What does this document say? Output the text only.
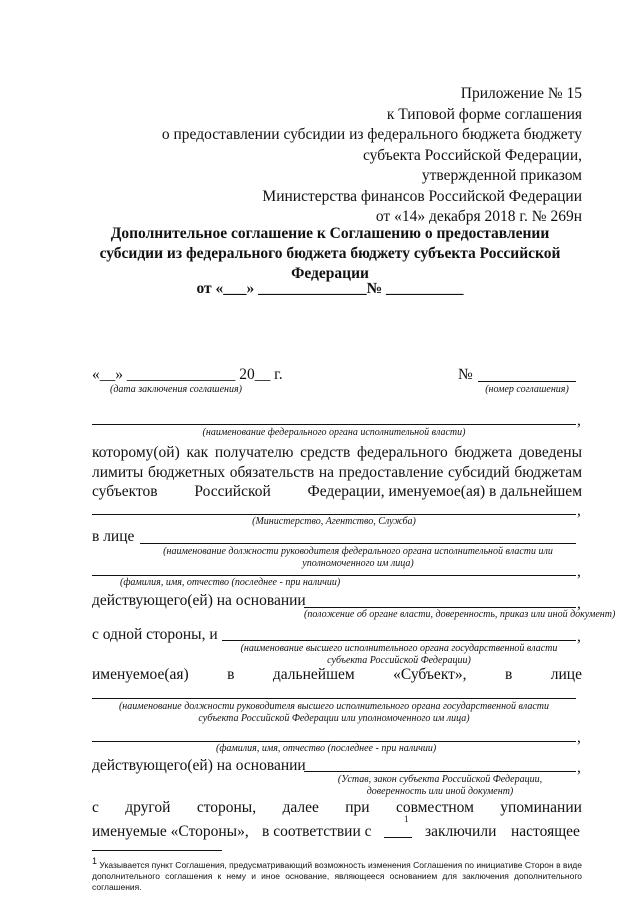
Приложение № 15
к Типовой форме соглашения
о предоставлении субсидии из федерального бюджета бюджету
субъекта Российской Федерации,
утвержденной приказом
Министерства финансов Российской Федерации
от «14» декабря 2018 г. № 269н
Дополнительное соглашение к Соглашению о предоставлении
субсидии из федерального бюджета бюджету субъекта Российской
Федерации
от «___» ______________№ __________
«__» ______________ 20__ г.
(дата заключения соглашения)
№
(номер соглашения)
,
(наименование федерального органа исполнительной власти)
которому(ой) как получателю средств федерального бюджета доведены
лимиты бюджетных обязательств на предоставление субсидий бюджетам
субъектов Российской Федерации, именуемое(ая) в дальнейшем
,
(Министерство, Агентство, Служба)
в лице
(наименование должности руководителя федерального органа исполнительной власти или
уполномоченного им лица)	,
(фамилия, имя, отчество (последнее - при наличии)
действующего(ей) на основании	,
(положение об органе власти, доверенность, приказ или иной документ)
с одной стороны, и	,
(наименование высшего исполнительного органа государственной власти
субъекта Российской Федерации)
именуемое(ая) в дальнейшем «Субъект», в лице
(наименование должности руководителя высшего исполнительного органа государственной власти
субъекта Российской Федерации или уполномоченного им лица)
,
(фамилия, имя, отчество (последнее - при наличии)
действующего(ей) на основании	,
(Устав, закон субъекта Российской Федерации,
доверенность или иной документ)
с другой стороны, далее при совместном упоминании
именуемые «Стороны», в соответствии с
1
заключили настоящее
$^1$ Указывается пункт Соглашения, предусматривающий возможность изменения Соглашения по инициативе Сторон в виде дополнительного соглашения к нему и иное основание, являющееся основанием для заключения дополнительного соглашения.
